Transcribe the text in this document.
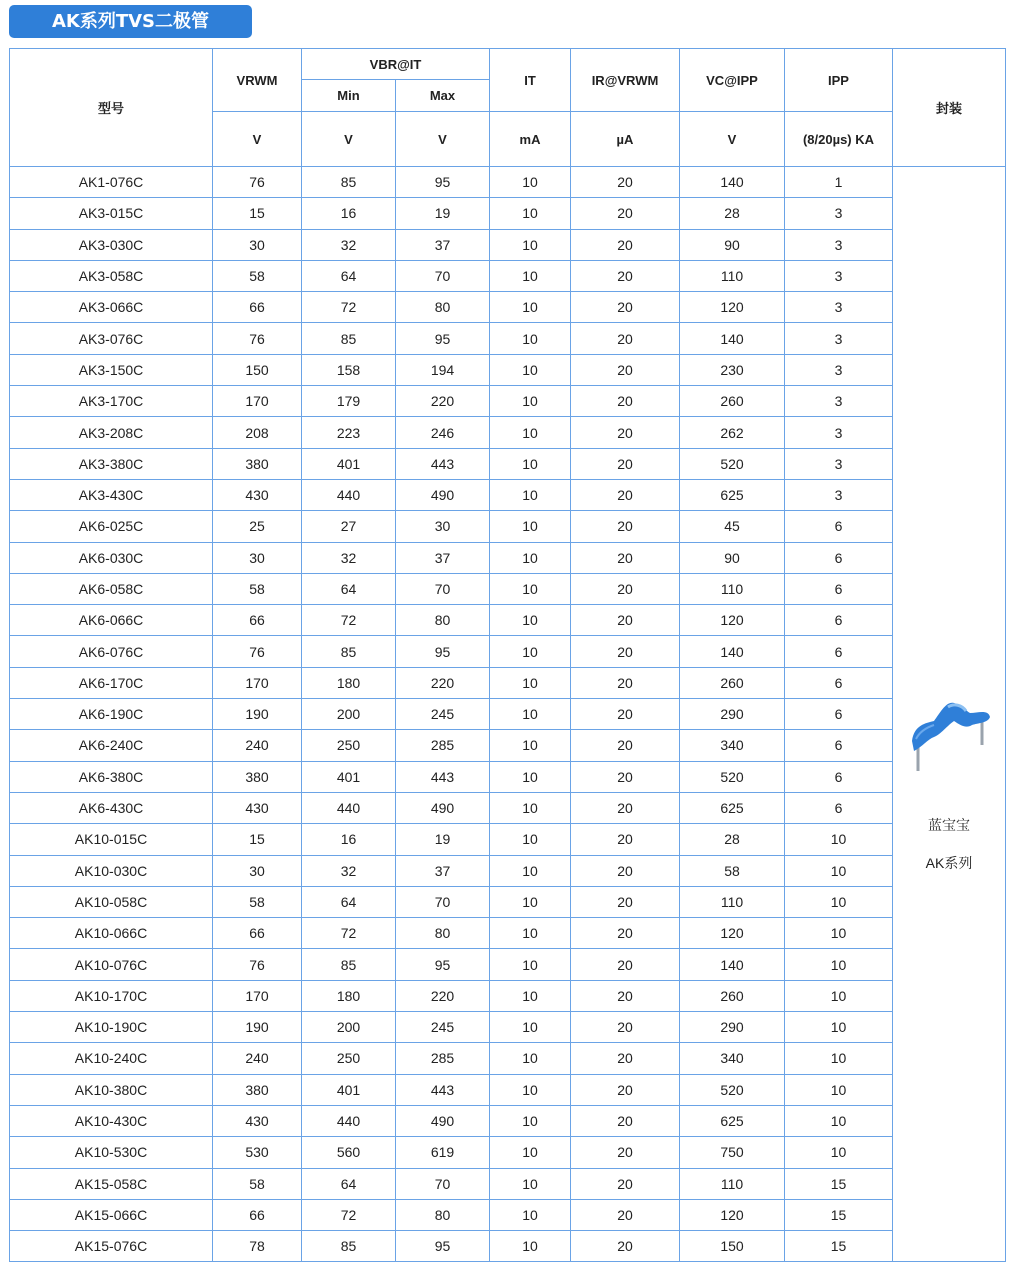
AK系列TVS二极管
型号	VRWM	VBR@IT		IT	IR@VRWM	VC@IPP	IPP	封装
		Min	Max					
	V	V	V	mA	µA	V	(8/20µs) KA	
AK1-076C	76	85	95	10	20	140	1	蓝宝宝
AK系列

AK3-015C	15	16	19	10	20	28	3	
AK3-030C	30	32	37	10	20	90	3	
AK3-058C	58	64	70	10	20	110	3	
AK3-066C	66	72	80	10	20	120	3	
AK3-076C	76	85	95	10	20	140	3	
AK3-150C	150	158	194	10	20	230	3	
AK3-170C	170	179	220	10	20	260	3	
AK3-208C	208	223	246	10	20	262	3	
AK3-380C	380	401	443	10	20	520	3	
AK3-430C	430	440	490	10	20	625	3	
AK6-025C	25	27	30	10	20	45	6	
AK6-030C	30	32	37	10	20	90	6	
AK6-058C	58	64	70	10	20	110	6	
AK6-066C	66	72	80	10	20	120	6	
AK6-076C	76	85	95	10	20	140	6	
AK6-170C	170	180	220	10	20	260	6	
AK6-190C	190	200	245	10	20	290	6	
AK6-240C	240	250	285	10	20	340	6	
AK6-380C	380	401	443	10	20	520	6	
AK6-430C	430	440	490	10	20	625	6	
AK10-015C	15	16	19	10	20	28	10	
AK10-030C	30	32	37	10	20	58	10	
AK10-058C	58	64	70	10	20	110	10	
AK10-066C	66	72	80	10	20	120	10	
AK10-076C	76	85	95	10	20	140	10	
AK10-170C	170	180	220	10	20	260	10	
AK10-190C	190	200	245	10	20	290	10	
AK10-240C	240	250	285	10	20	340	10	
AK10-380C	380	401	443	10	20	520	10	
AK10-430C	430	440	490	10	20	625	10	
AK10-530C	530	560	619	10	20	750	10	
AK15-058C	58	64	70	10	20	110	15	
AK15-066C	66	72	80	10	20	120	15	
AK15-076C	78	85	95	10	20	150	15	
